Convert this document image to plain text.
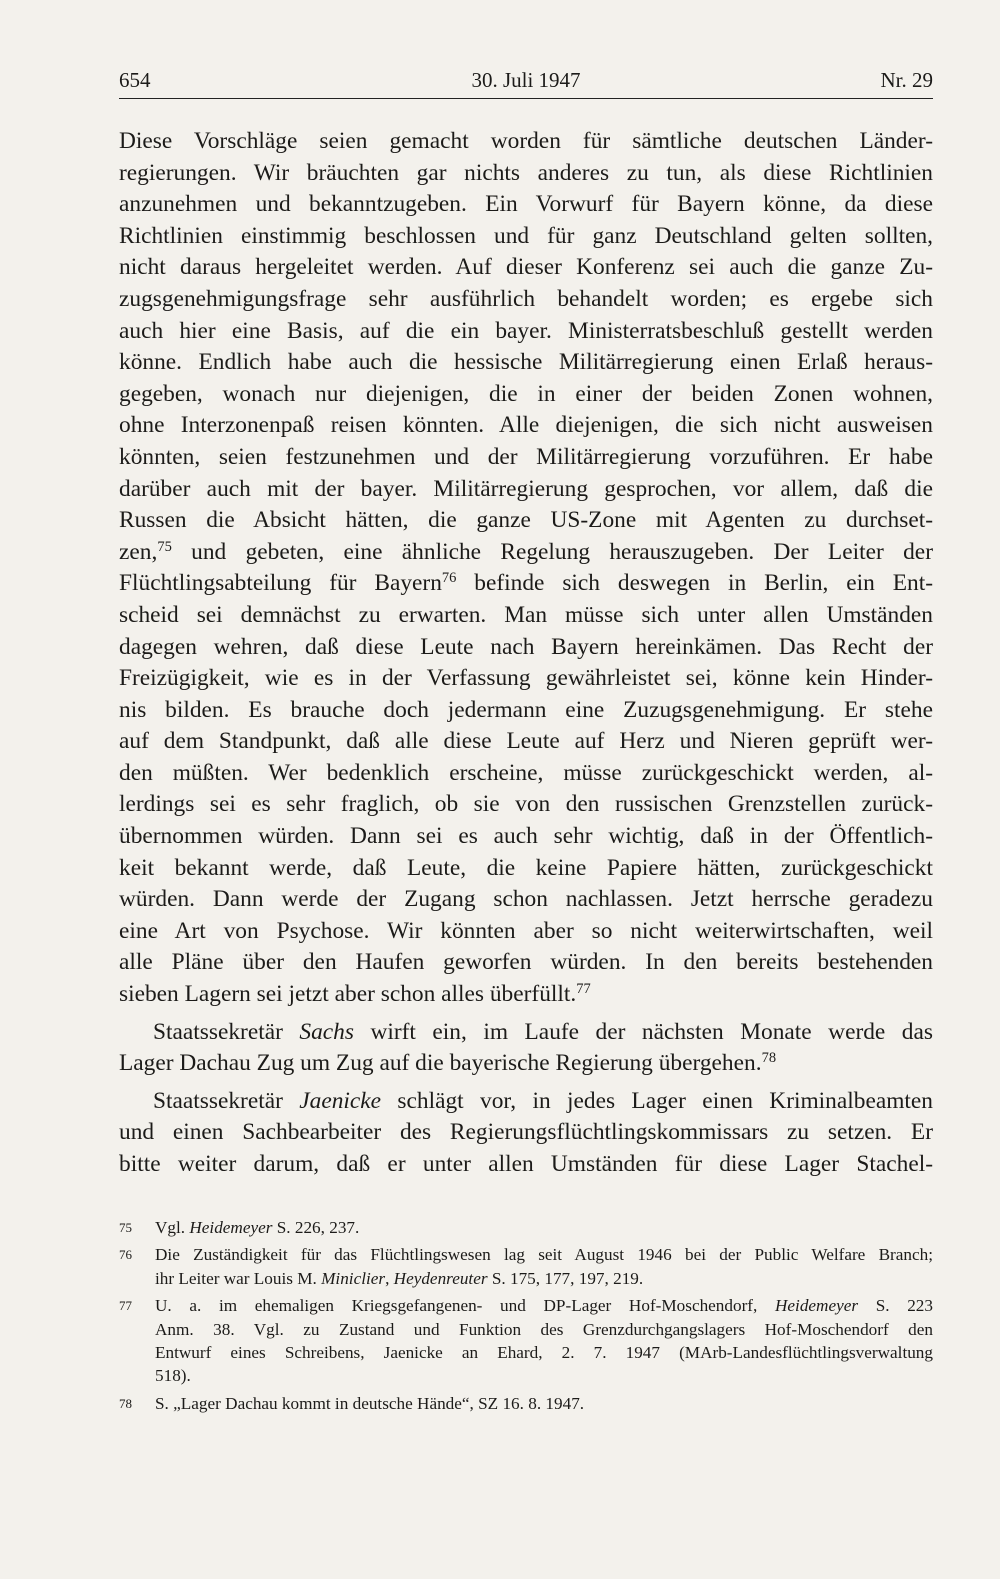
654	30. Juli 1947	Nr. 29
Diese Vorschläge seien gemacht worden für sämtliche deutschen Länder-
regierungen. Wir bräuchten gar nichts anderes zu tun, als diese Richtlinien
anzunehmen und bekanntzugeben. Ein Vorwurf für Bayern könne, da diese
Richtlinien einstimmig beschlossen und für ganz Deutschland gelten sollten,
nicht daraus hergeleitet werden. Auf dieser Konferenz sei auch die ganze Zu-
zugsgenehmigungsfrage sehr ausführlich behandelt worden; es ergebe sich
auch hier eine Basis, auf die ein bayer. Ministerratsbeschluß gestellt werden
könne. Endlich habe auch die hessische Militärregierung einen Erlaß heraus-
gegeben, wonach nur diejenigen, die in einer der beiden Zonen wohnen,
ohne Interzonenpaß reisen könnten. Alle diejenigen, die sich nicht ausweisen
könnten, seien festzunehmen und der Militärregierung vorzuführen. Er habe
darüber auch mit der bayer. Militärregierung gesprochen, vor allem, daß die
Russen die Absicht hätten, die ganze US-Zone mit Agenten zu durchset-
zen,$^{75}$ und gebeten, eine ähnliche Regelung herauszugeben. Der Leiter der
Flüchtlingsabteilung für Bayern$^{76}$ befinde sich deswegen in Berlin, ein Ent-
scheid sei demnächst zu erwarten. Man müsse sich unter allen Umständen
dagegen wehren, daß diese Leute nach Bayern hereinkämen. Das Recht der
Freizügigkeit, wie es in der Verfassung gewährleistet sei, könne kein Hinder-
nis bilden. Es brauche doch jedermann eine Zuzugsgenehmigung. Er stehe
auf dem Standpunkt, daß alle diese Leute auf Herz und Nieren geprüft wer-
den müßten. Wer bedenklich erscheine, müsse zurückgeschickt werden, al-
lerdings sei es sehr fraglich, ob sie von den russischen Grenzstellen zurück-
übernommen würden. Dann sei es auch sehr wichtig, daß in der Öffentlich-
keit bekannt werde, daß Leute, die keine Papiere hätten, zurückgeschickt
würden. Dann werde der Zugang schon nachlassen. Jetzt herrsche geradezu
eine Art von Psychose. Wir könnten aber so nicht weiterwirtschaften, weil
alle Pläne über den Haufen geworfen würden. In den bereits bestehenden
sieben Lagern sei jetzt aber schon alles überfüllt.$^{77}$
Staatssekretär Sachs wirft ein, im Laufe der nächsten Monate werde das
Lager Dachau Zug um Zug auf die bayerische Regierung übergehen.$^{78}$
Staatssekretär Jaenicke schlägt vor, in jedes Lager einen Kriminalbeamten
und einen Sachbearbeiter des Regierungsflüchtlingskommissars zu setzen. Er
bitte weiter darum, daß er unter allen Umständen für diese Lager Stachel-
75 Vgl. Heidemeyer S. 226, 237.
76 Die Zuständigkeit für das Flüchtlingswesen lag seit August 1946 bei der Public Welfare Branch;
ihr Leiter war Louis M. Miniclier, Heydenreuter S. 175, 177, 197, 219.
77 U. a. im ehemaligen Kriegsgefangenen- und DP-Lager Hof-Moschendorf, Heidemeyer S. 223
Anm. 38. Vgl. zu Zustand und Funktion des Grenzdurchgangslagers Hof-Moschendorf den
Entwurf eines Schreibens, Jaenicke an Ehard, 2. 7. 1947 (MArb-Landesflüchtlingsverwaltung
518).
78 S. „Lager Dachau kommt in deutsche Hände“, SZ 16. 8. 1947.
